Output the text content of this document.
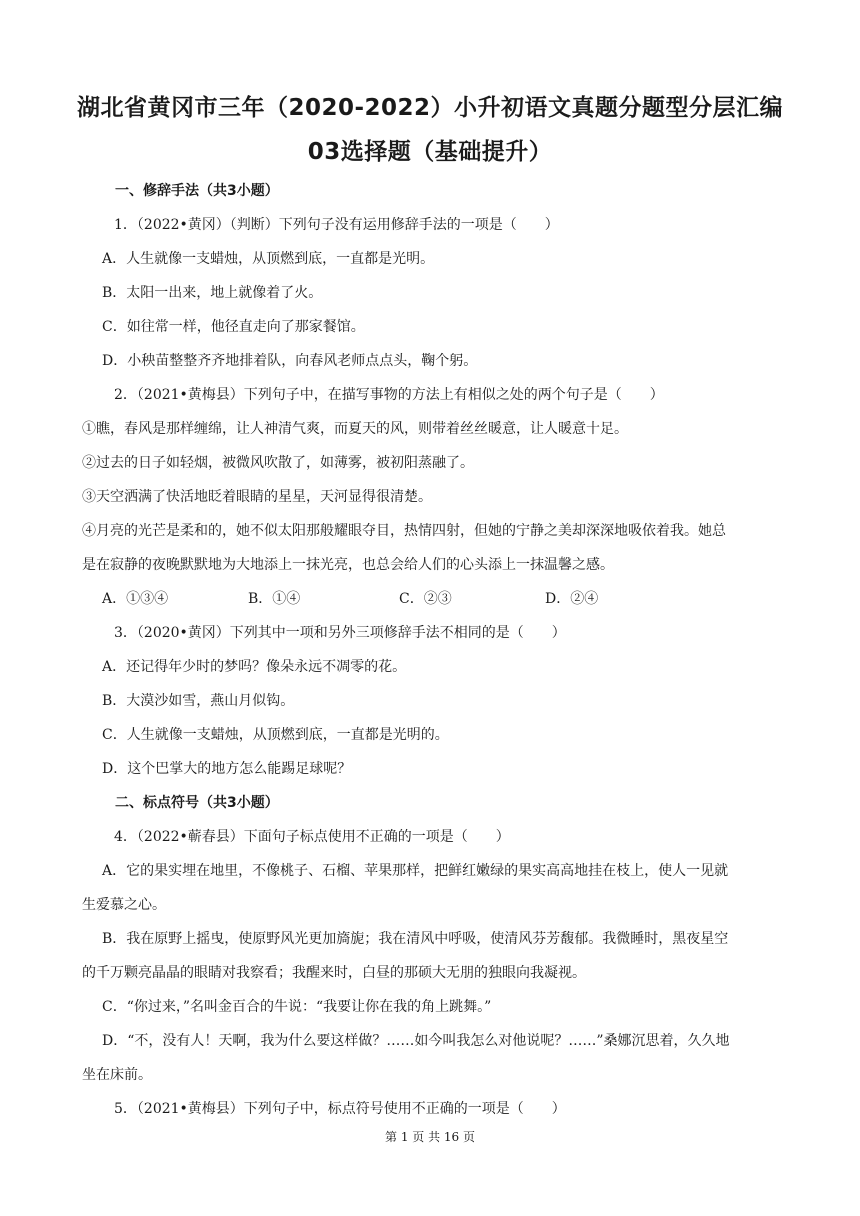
湖北省黄冈市三年（2020-2022）小升初语文真题分题型分层汇编
03选择题（基础提升）
一、修辞手法（共3小题）
1．（2022•黄冈）（判断）下列句子没有运用修辞手法的一项是（　　）
A．人生就像一支蜡烛，从顶燃到底，一直都是光明。
B．太阳一出来，地上就像着了火。
C．如往常一样，他径直走向了那家餐馆。
D．小秧苗整整齐齐地排着队，向春风老师点点头，鞠个躬。
2．（2021•黄梅县）下列句子中，在描写事物的方法上有相似之处的两个句子是（　　）
①瞧，春风是那样缠绵，让人神清气爽，而夏天的风，则带着丝丝暖意，让人暖意十足。
②过去的日子如轻烟，被微风吹散了，如薄雾，被初阳蒸融了。
③天空洒满了快活地眨着眼睛的星星，天河显得很清楚。
④月亮的光芒是柔和的，她不似太阳那般耀眼夺目，热情四射，但她的宁静之美却深深地吸依着我。她总
是在寂静的夜晚默默地为大地添上一抹光亮，也总会给人们的心头添上一抹温馨之感。
A．①③④	B．①④	C．②③	D．②④
3．（2020•黄冈）下列其中一项和另外三项修辞手法不相同的是（　　）
A．还记得年少时的梦吗？像朵永远不凋零的花。
B．大漠沙如雪，燕山月似钩。
C．人生就像一支蜡烛，从顶燃到底，一直都是光明的。
D．这个巴掌大的地方怎么能踢足球呢？
二、标点符号（共3小题）
4．（2022•蕲春县）下面句子标点使用不正确的一项是（　　）
A．它的果实埋在地里，不像桃子、石榴、苹果那样，把鲜红嫩绿的果实高高地挂在枝上，使人一见就
生爱慕之心。
B．我在原野上摇曳，使原野风光更加旖旎；我在清风中呼吸，使清风芬芳馥郁。我微睡时，黑夜星空
的千万颗亮晶晶的眼睛对我察看；我醒来时，白昼的那硕大无朋的独眼向我凝视。
C．“你过来，”名叫金百合的牛说：“我要让你在我的角上跳舞。”
D．“不，没有人！天啊，我为什么要这样做？……如今叫我怎么对他说呢？……”桑娜沉思着，久久地
坐在床前。
5．（2021•黄梅县）下列句子中，标点符号使用不正确的一项是（　　）
第 1 页 共 16 页
